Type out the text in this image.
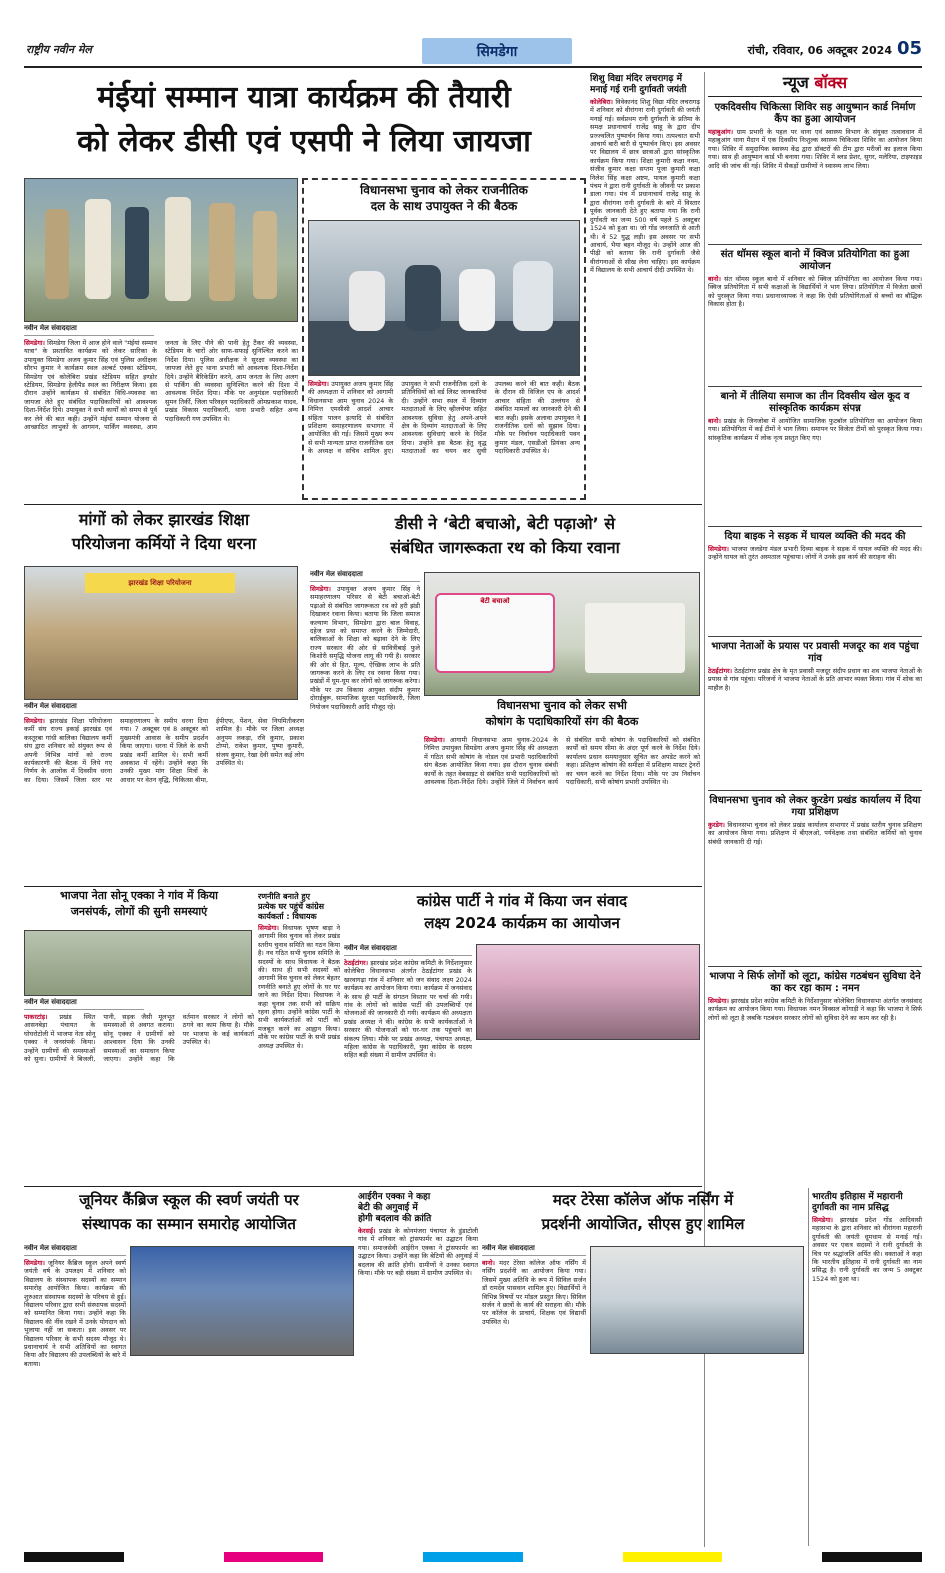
राष्ट्रीय नवीन मेल	सिमडेगा	रांची, रविवार, 06 अक्टूबर 2024 05
मंईयां सम्मान यात्रा कार्यक्रम की तैयारी
को लेकर डीसी एवं एसपी ने लिया जायजा
नवीन मेल संवाददाता
सिमडेगा। सिमडेगा जिला में आज होने वाले "मंईयां सम्मान यात्रा" के प्रस्तावित कार्यक्रम को लेकर सारिका के उपायुक्त सिमडेगा अजय कुमार सिंह एवं पुलिस अधीक्षक सौरभ कुमार ने कार्यक्रम स्थल अल्बर्ट एक्का स्टेडियम, सिमडेगा एवं कोलेबिरा प्रखंड स्टेडियम सहित इण्डोर स्टेडियम, सिमडेगा हेलीपैड स्थल का निरीक्षण किया। इस दौरान उन्होंने कार्यक्रम से संबंधित विधि-व्यवस्था का जायजा लेते हुए संबंधित पदाधिकारियों को आवश्यक दिशा-निर्देश दिये। उपायुक्त ने सभी कार्यों को समय से पूर्व कर लेने की बात कही। उन्होंने मंईयां सम्मान योजना से आच्छादित लाभुकों के आगमन, पार्किंग व्यवस्था, आम जनता के लिए पीने की पानी हेतु टैंकर की व्यवस्था, स्टेडियम के चारों ओर साफ-सफाई सुनिश्चित करने का निर्देश दिया। पुलिस अधीक्षक ने सुरक्षा व्यवस्था का जायजा लेते हुए थाना प्रभारी को आवश्यक दिशा-निर्देश दिये। उन्होंने बैरिकेडिंग करने, आम जनता के लिए अलग से पार्किंग की व्यवस्था सुनिश्चित करने की दिशा में आवश्यक निर्देश दिया। मौके पर अनुमंडल पदाधिकारी सुमन तिर्की, जिला परिवहन पदाधिकारी ओमप्रकाश यादव, प्रखंड विकास पदाधिकारी, थाना प्रभारी सहित अन्य पदाधिकारी गण उपस्थित थे।
विधानसभा चुनाव को लेकर राजनीतिक
दल के साथ उपायुक्त ने की बैठक
सिमडेगा। उपायुक्त अजय कुमार सिंह की अध्यक्षता में शनिवार को आगामी विधानसभा आम चुनाव 2024 के निमित्त एमसीसी आदर्श आचार संहिता पालन इत्यादि से संबंधित प्रशिक्षण समाहरणालय सभागार में आयोजित की गई। जिसमें मुख्य रूप से सभी मान्यता प्राप्त राजनीतिक दल के अध्यक्ष व सचिव शामिल हुए। उपायुक्त ने सभी राजनीतिक दलों के प्रतिनिधियों को वर्ड लिस्ट जानकारियां दी। उन्होंने सभा स्थल में दिव्यांग मतदाताओं के लिए व्हीलचेयर सहित आवश्यक सुविधा हेतु अपने-अपने क्षेत्र के दिव्यांग मतदाताओं के लिए आवश्यक सुविधाएं करने के निर्देश दिया। उन्होंने इस बैठक हेतु वृद्ध मतदाताओं का चयन कर सुची उपलब्ध करने की बात कही। बैठक के दौरान सी विजिल एप के आदर्श आचार संहिता की उल्लंघन से संबंधित मामलों का जानकारी देने की बात कही। इसके अलावा उपायुक्त ने राजनीतिक दलों को सुझाव दिया। मौके पर निर्वाचन पदाधिकारी पवन कुमार मंडल, एसडीओ प्रियंका अन्य पदाधिकारी उपस्थित थे।
शिशु विद्या मंदिर लचरागढ़ में मनाई गई रानी दुर्गावती जयंती
कोलेबिरा। विवेकानंद शिशु विद्या मंदिर लचरागढ़ में शनिवार को वीरांगना रानी दुर्गावती की जयंती मनाई गई। सर्वप्रथम रानी दुर्गावती के प्रतिमा के समक्ष प्रधानाचार्य राजेंद्र साहू के द्वारा दीप प्रज्ज्वलित पुष्पार्चन किया गया। तत्पश्चात सभी आचार्य बारी बारी से पुष्पार्चन किए। इस अवसर पर विद्यालय में छात्र छात्राओं द्वारा सांस्कृतिक कार्यक्रम किया गया। शिक्षा कुमारी कक्षा नवम, संजीव कुमार कक्षा सप्तम पूजा कुमारी कक्षा निलेश सिंह कक्षा अष्टम, पायल कुमारी कक्षा पंचम ने द्वारा रानी दुर्गावती के जीवनी पर प्रकाश डाला गया। मंच में प्रधानाचार्य राजेंद्र साहू के द्वारा वीरांगना रानी दुर्गावती के बारे में विस्तार पूर्वक जानकारी देते हुए बताया गया कि रानी दुर्गावती का जन्म 500 वर्ष पहले 5 अक्टूबर 1524 को हुआ था। जो गोंड जनजाति से आती थी। वे 52 युद्ध लड़ी। इस अवसर पर सभी आचार्य, भैया बहन मौजूद थे। उन्होंने आज की पीढ़ी को बताया कि रानी दुर्गावती जैसे वीरांगनाओं से सीख लेना चाहिए। इस कार्यक्रम में विद्यालय के सभी आचार्य दीदी उपस्थित थे।
न्यूज बॉक्स
एकदिवसीय चिकित्सा शिविर सह आयुष्मान कार्ड निर्माण कैंप का हुआ आयोजन
महाबुआंग। ग्राम प्रभारी के पहल पर थाना एवं स्वास्थ्य विभाग के संयुक्त तत्वावधान में महाबुआंग थाना मैदान में एक दिवसीय निःशुल्क स्वास्थ्य चिकित्सा शिविर का आयोजन किया गया। शिविर में समुदायिक स्वास्थ्य केंद्र द्वारा डॉक्टरों की टीम द्वारा मरीजों का इलाज किया गया। साथ ही आयुष्मान कार्ड भी बनाया गया। शिविर में ब्लड प्रेशर, सुगर, मलेरिया, टाइफाइड आदि की जांच की गई। शिविर में सैकड़ों ग्रामीणों ने स्वास्थ्य लाभ लिया।
संत थॉमस स्कूल बानो में क्विज प्रतियोगिता का हुआ आयोजन
बानो। संत थॉमस स्कूल बानो में शनिवार को क्विज प्रतियोगिता का आयोजन किया गया। क्विज प्रतियोगिता में सभी कक्षाओं के विद्यार्थियों ने भाग लिया। प्रतियोगिता में विजेता छात्रों को पुरस्कृत किया गया। प्रधानाध्यापक ने कहा कि ऐसी प्रतियोगिताओं से बच्चों का बौद्धिक विकास होता है।
बानो में तीलिया समाज का तीन दिवसीय खेल कूद व सांस्कृतिक कार्यक्रम संपन्न
बानो। प्रखंड के जिनजोबा में आयोजित सामाजिक फुटबॉल प्रतियोगिता का आयोजन किया गया। प्रतियोगिता में कई टीमों ने भाग लिया। समापन पर विजेता टीमों को पुरस्कृत किया गया। सांस्कृतिक कार्यक्रम में लोक नृत्य प्रस्तुत किए गए।
दिया बाइक ने सड़क में घायल व्यक्ति की मदद की
सिमडेगा। भाजपा जलडेगा मंडल प्रभारी दिव्या बाइक ने सड़क में घायल व्यक्ति की मदद की। उन्होंने घायल को तुरंत अस्पताल पहुंचाया। लोगों ने उनके इस कार्य की सराहना की।
भाजपा नेताओं के प्रयास पर प्रवासी मजदूर का शव पहुंचा गांव
ठेठईटांगर। ठेठईटांगर प्रखंड क्षेत्र के मृत प्रवासी मजदूर संदीप प्रधान का शव भाजपा नेताओं के प्रयास से गांव पहुंचा। परिजनों ने भाजपा नेताओं के प्रति आभार व्यक्त किया। गांव में शोक का माहौल है।
विधानसभा चुनाव को लेकर कुरडेग प्रखंड कार्यालय में दिया गया प्रशिक्षण
कुरडेग। विधानसभा चुनाव को लेकर प्रखंड कार्यालय सभागार में प्रखंड स्तरीय चुनाव प्रशिक्षण का आयोजन किया गया। प्रशिक्षण में बीएलओ, पर्यवेक्षक तथा संबंधित कर्मियों को चुनाव संबंधी जानकारी दी गई।
भाजपा ने सिर्फ लोगों को लूटा, कांग्रेस गठबंधन सुविधा देने का कर रहा काम : नमन
सिमडेगा। झारखंड प्रदेश कांग्रेस कमिटी के निर्देशानुसार कोलेबिरा विधानसभा अंतर्गत जनसंवाद कार्यक्रम का आयोजन किया गया। विधायक नमन विक्सल कोंगाड़ी ने कहा कि भाजपा ने सिर्फ लोगों को लूटा है जबकि गठबंधन सरकार लोगों को सुविधा देने का काम कर रही है।
मांगों को लेकर झारखंड शिक्षा
परियोजना कर्मियों ने दिया धरना
झारखंड शिक्षा परियोजना
नवीन मेल संवाददाता
सिमडेगा। झारखंड शिक्षा परियोजना कर्मी संघ राज्य इकाई झारखंड एवं कस्तूरबा गांधी बालिका विद्यालय कर्मी संघ द्वारा शनिवार को संयुक्त रूप से अपनी विभिन्न मांगों को राज्य कार्यकारणी की बैठक में लिये गए निर्णय के आलोक में दिवसीय धरना का दिया। जिसमें जिला स्तर पर समाहरणालय के समीप धरना दिया गया। 7 अक्टूबर एवं 8 अक्टूबर को मुख्यमंत्री आवास के समीप प्रदर्शन किया जाएगा। धरना में जिले के सभी प्रखंड कर्मी शामिल थे। सभी कर्मी अवकाश में रहेंगे। उन्होंने कहा कि उनकी मुख्य मांग शिक्षा मित्रों के आधार पर वेतन वृद्धि, चिकित्सा बीमा, ईपीएफ, पेंशन, सेवा नियमितीकरण शामिल है। मौके पर जिला अध्यक्ष अनुपम लकड़ा, रवि कुमार, प्रकाश टोप्पो, राकेश कुमार, पुष्पा कुमारी, संजय कुमार, रेखा देवी समेत कई लोग उपस्थित थे।
डीसी ने ‘बेटी बचाओ, बेटी पढ़ाओ’ से
संबंधित जागरूकता रथ को किया रवाना
नवीन मेल संवाददाता
सिमडेगा। उपायुक्त अजय कुमार सिंह ने समाहरणालय परिसर से बेटी बचाओ-बेटी पढ़ाओ से संबंधित जागरूकता रथ को हरी झंडी दिखाकर रवाना किया। बताया कि जिला समाज कल्याण विभाग, सिमडेगा द्वारा बाल विवाह, दहेज प्रथा को समाप्त करने के जिम्मेदारी, बालिकाओं के शिक्षा को बढ़ावा देने के लिए राज्य सरकार की ओर से सावित्रीबाई फुले किशोरी समृद्धि योजना लागू की गयी है। सरकार की ओर से हित, मूल्य, ऐच्छिक लाभ के प्रति जागरूक करने के लिए रथ रवाना किया गया। प्रखंडों में घूम-घूम कर लोगों को जागरूक करेगा। मौके पर उप विकास आयुक्त संदीप कुमार दोराईबुरू, सामाजिक सुरक्षा पदाधिकारी, जिला नियोजन पदाधिकारी आदि मौजूद रहे।
बेटी बचाओ
विधानसभा चुनाव को लेकर सभी
कोषांग के पदाधिकारियों संग की बैठक
सिमडेगा। आगामी विधानसभा आम चुनाव-2024 के निमित्त उपायुक्त सिमडेगा अजय कुमार सिंह की अध्यक्षता में गठित सभी कोषांग के नोडल एवं प्रभारी पदाधिकारियों संग बैठक आयोजित किया गया। इस दौरान चुनाव संबंधी कार्यों के तहत वेबसाइट से संबंधित सभी पदाधिकारियों को आवश्यक दिशा-निर्देश दिये। उन्होंने जिले में निर्वाचन कार्य से संबंधित सभी कोषांग के पदाधिकारियों को संबंधित कार्यों को समय सीमा के अंदर पूर्ण करने के निर्देश दिये। कार्यालय प्रधान समयानुसार सूचित कर अपडेट करने को कहा। प्रशिक्षण कोषांग की समीक्षा में प्रशिक्षण मास्टर ट्रेनरों का चयन करने का निर्देश दिया। मौके पर उप निर्वाचन पदाधिकारी, सभी कोषांग प्रभारी उपस्थित थे।
भाजपा नेता सोनू एक्का ने गांव में किया
जनसंपर्क, लोगों की सुनी समस्याएं
नवीन मेल संवाददाता
पाकरटांड़। प्रखंड स्थित आसनबेड़ा पंचायत के घोघरोटोली में भाजपा नेता सोनू एक्का ने जनसंपर्क किया। उन्होंने ग्रामीणों की समस्याओं को सुना। ग्रामीणों ने बिजली, पानी, सड़क जैसी मूलभूत समस्याओं से अवगत कराया। सोनू एक्का ने ग्रामीणों को आश्वासन दिया कि उनकी समस्याओं का समाधान किया जाएगा। उन्होंने कहा कि वर्तमान सरकार ने लोगों को ठगने का काम किया है। मौके पर भाजपा के कई कार्यकर्ता उपस्थित थे।
रणनीति बनाते हुए
प्रत्येक घर पहुंचें कांग्रेस
कार्यकर्ता : विधायक
सिमडेगा। विधायक भूषण बाड़ा ने आगामी विस चुनाव को लेकर प्रखंड स्तरीय चुनाव समिति का गठन किया है। नव गठित सभी चुनाव समिति के सदस्यों के साथ विधायक ने बैठक की। साथ ही सभी सदस्यों को आगामी विस चुनाव को लेकर बेहतर रणनीति बनाते हुए लोगों के घर घर जाने का निर्देश दिया। विधायक ने कहा चुनाव तक सभी को सक्रिय रहना होगा। उन्होंने कांग्रेस पार्टी के सभी कार्यकर्ताओं को पार्टी को मजबूत करने का आह्वान किया। मौके पर कांग्रेस पार्टी के सभी प्रखंड अध्यक्ष उपस्थित थे।
कांग्रेस पार्टी ने गांव में किया जन संवाद
लक्ष्य 2024 कार्यक्रम का आयोजन
नवीन मेल संवाददाता
ठेठईटांगर। झारखंड प्रदेश कांग्रेस कमिटी के निर्देशानुसार कोलेबिरा विधानसभा अंतर्गत ठेठईटांगर प्रखंड के खरवागढ़ा गांव में शनिवार को जन संवाद लक्ष्य 2024 कार्यक्रम का आयोजन किया गया। कार्यक्रम में जनसंवाद के साथ ही पार्टी के संगठन विस्तार पर चर्चा की गयी। गांव के लोगों को कांग्रेस पार्टी की उपलब्धियों एवं योजनाओं की जानकारी दी गयी। कार्यक्रम की अध्यक्षता प्रखंड अध्यक्ष ने की। कांग्रेस के सभी कार्यकर्ताओं ने सरकार की योजनाओं को घर-घर तक पहुंचाने का संकल्प लिया। मौके पर प्रखंड अध्यक्ष, पंचायत अध्यक्ष, महिला कांग्रेस के पदाधिकारी, युवा कांग्रेस के सदस्य सहित बड़ी संख्या में ग्रामीण उपस्थित थे।
जूनियर कैंब्रिज स्कूल की स्वर्ण जयंती पर
संस्थापक का सम्मान समारोह आयोजित
नवीन मेल संवाददाता
सिमडेगा। जूनियर कैंब्रिज स्कूल अपने स्वर्ण जयंती वर्ष के उपलक्ष्य में शनिवार को विद्यालय के संस्थापक सदस्यों का सम्मान समारोह आयोजित किया। कार्यक्रम की शुरुआत संस्थापक सदस्यों के परिचय से हुई। विद्यालय परिवार द्वारा सभी संस्थापक सदस्यों को सम्मानित किया गया। उन्होंने कहा कि विद्यालय की नींव रखने में उनके योगदान को भुलाया नहीं जा सकता। इस अवसर पर विद्यालय परिवार के सभी सदस्य मौजूद थे। प्रधानाचार्य ने सभी अतिथियों का स्वागत किया और विद्यालय की उपलब्धियों के बारे में बताया।
आईरीन एक्का ने कहा
बेटी की अगुवाई में
होगी बदलाव की क्रांति
केरसई। प्रखंड के कोनमंजरा पंचायत के डुंडाटोली गांव में शनिवार को ट्रांसफार्मर का उद्घाटन किया गया। समाजसेवी आईरीन एक्का ने ट्रांसफार्मर का उद्घाटन किया। उन्होंने कहा कि बेटियों की अगुवाई में बदलाव की क्रांति होगी। ग्रामीणों ने उनका स्वागत किया। मौके पर बड़ी संख्या में ग्रामीण उपस्थित थे।
मदर टेरेसा कॉलेज ऑफ नर्सिंग में
प्रदर्शनी आयोजित, सीएस हुए शामिल
नवीन मेल संवाददाता
बानो। मदर टेरेसा कॉलेज ऑफ नर्सिंग में नर्सिंग प्रदर्शनी का आयोजन किया गया। जिसमें मुख्य अतिथि के रूप में सिविल सर्जन डॉ रामदेव पासवान शामिल हुए। विद्यार्थियों ने विभिन्न विषयों पर मॉडल प्रस्तुत किए। सिविल सर्जन ने छात्रों के कार्य की सराहना की। मौके पर कॉलेज के प्राचार्य, शिक्षक एवं विद्यार्थी उपस्थित थे।
भारतीय इतिहास में महारानी दुर्गावती का नाम प्रसिद्ध
सिमडेगा। झारखंड प्रदेश गोंड आदिवासी महासभा के द्वारा शनिवार को वीरांगना महारानी दुर्गावती की जयंती धूमधाम से मनाई गई। अवसर पर एकत्र सदस्यों ने रानी दुर्गावती के चित्र पर श्रद्धांजलि अर्पित की। वक्ताओं ने कहा कि भारतीय इतिहास में रानी दुर्गावती का नाम प्रसिद्ध है। रानी दुर्गावती का जन्म 5 अक्टूबर 1524 को हुआ था।
